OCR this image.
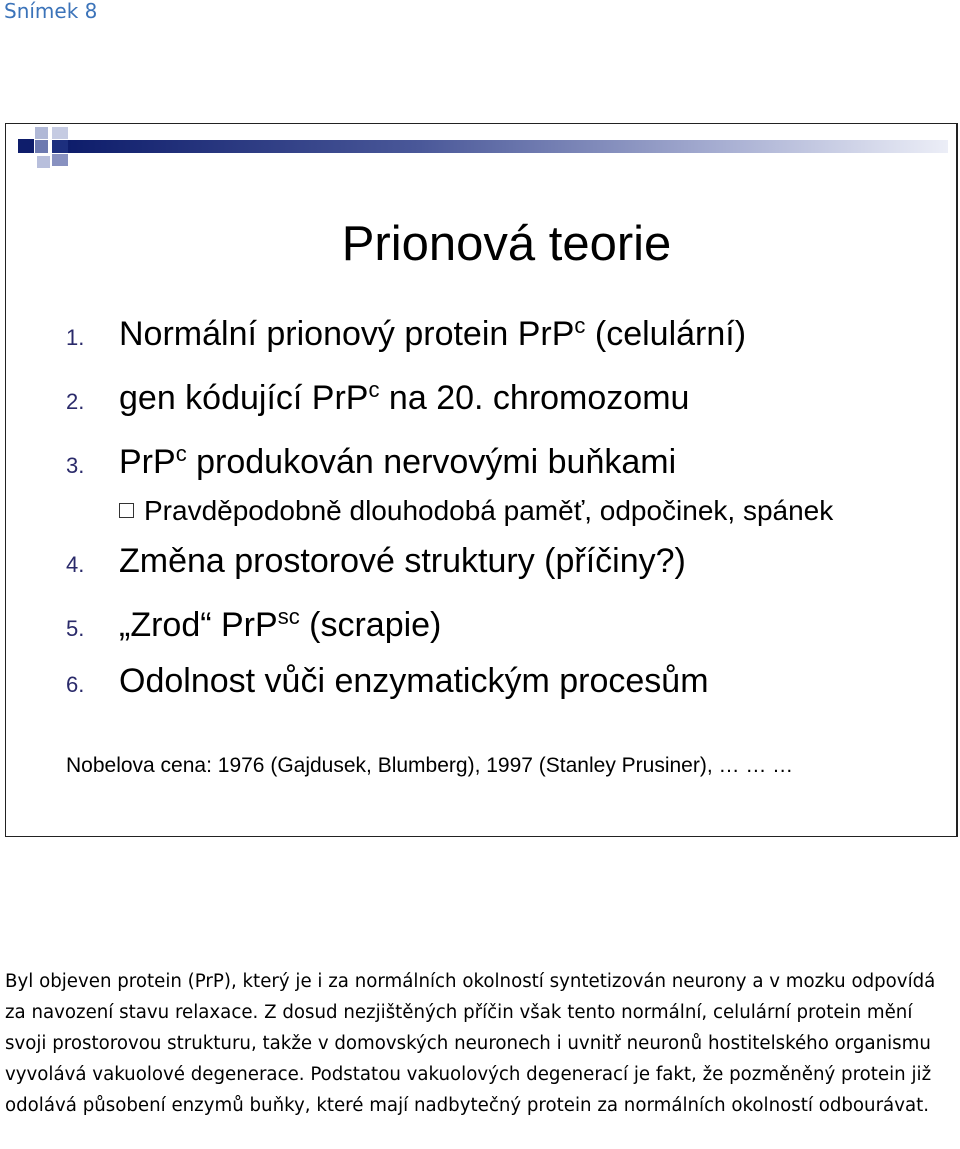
Snímek 8
Prionová teorie
1. Normální prionový protein PrP$^c$ (celulární)
2. gen kódující PrP$^c$ na 20. chromozomu
3. PrP$^c$ produkován nervovými buňkami
Pravděpodobně dlouhodobá paměť, odpočinek, spánek
4. Změna prostorové struktury (příčiny?)
5. „Zrod“ PrP$^{sc}$ (scrapie)
6. Odolnost vůči enzymatickým procesům
Nobelova cena: 1976 (Gajdusek, Blumberg), 1997 (Stanley Prusiner), … … …

Byl objeven protein (PrP), který je i za normálních okolností syntetizován neurony a v mozku odpovídá za navození stavu relaxace. Z dosud nezjištěných příčin však tento normální, celulární protein mění svoji prostorovou strukturu, takže v domovských neuronech i uvnitř neuronů hostitelského organismu vyvolává vakuolové degenerace. Podstatou vakuolových degenerací je fakt, že pozměněný protein již odolává působení enzymů buňky, které mají nadbytečný protein za normálních okolností odbourávat.
